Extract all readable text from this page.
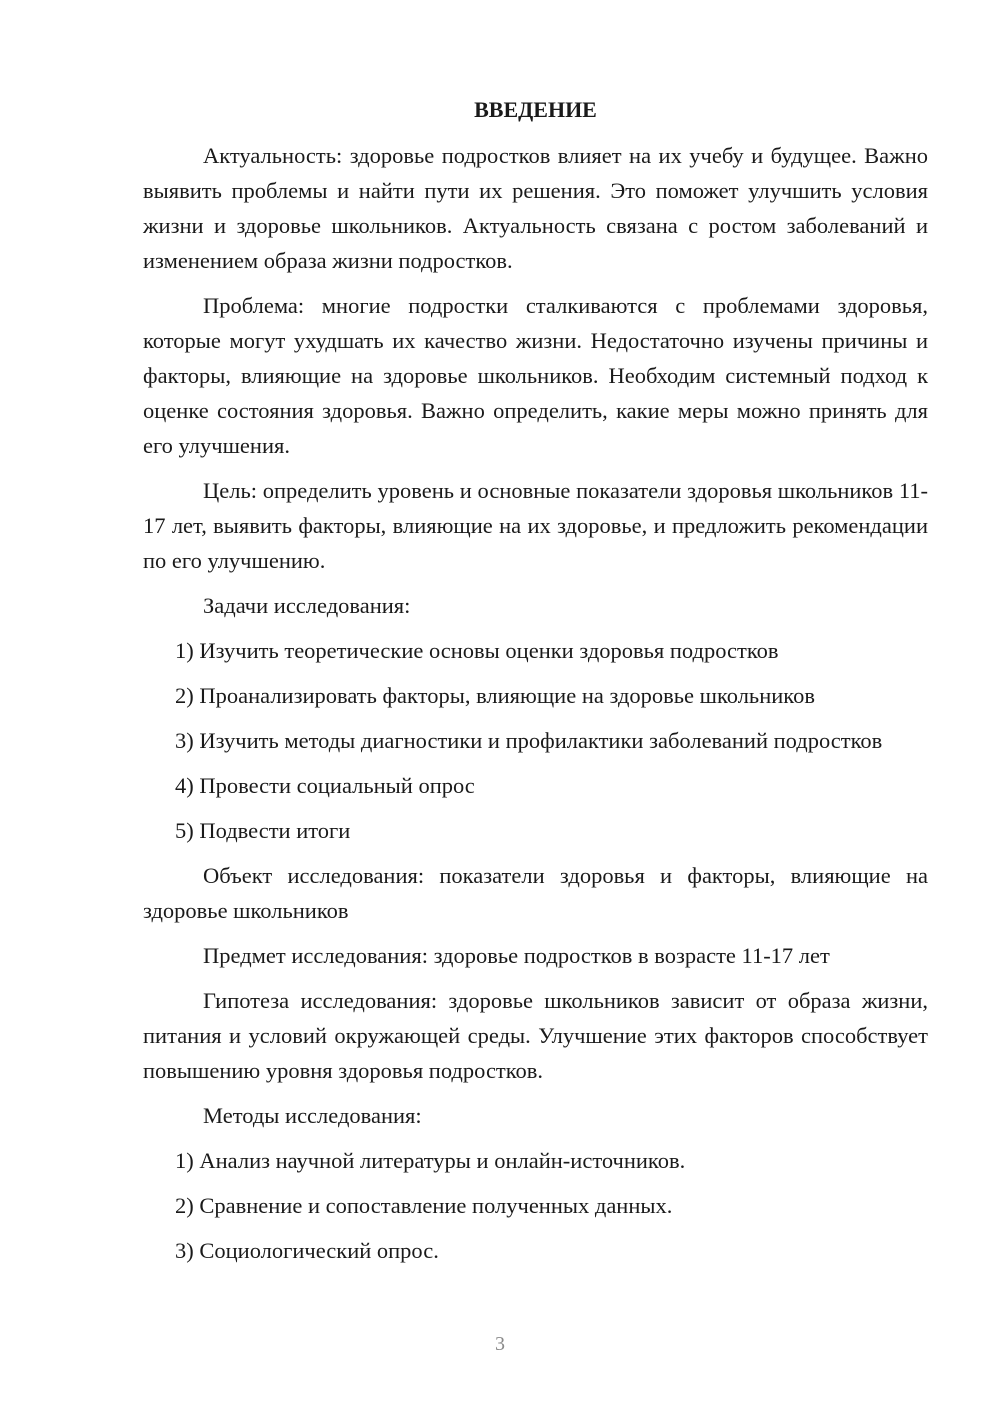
ВВЕДЕНИЕ

Актуальность: здоровье подростков влияет на их учебу и будущее. Важно выявить проблемы и найти пути их решения. Это поможет улучшить условия жизни и здоровье школьников. Актуальность связана с ростом заболеваний и изменением образа жизни подростков.

Проблема: многие подростки сталкиваются с проблемами здоровья, которые могут ухудшать их качество жизни. Недостаточно изучены причины и факторы, влияющие на здоровье школьников. Необходим системный подход к оценке состояния здоровья. Важно определить, какие меры можно принять для его улучшения.

Цель: определить уровень и основные показатели здоровья школьников 11-17 лет, выявить факторы, влияющие на их здоровье, и предложить рекомендации по его улучшению.

Задачи исследования:

1) Изучить теоретические основы оценки здоровья подростков

2) Проанализировать факторы, влияющие на здоровье школьников

3) Изучить методы диагностики и профилактики заболеваний подростков

4) Провести социальный опрос

5) Подвести итоги

Объект исследования: показатели здоровья и факторы, влияющие на здоровье школьников

Предмет исследования: здоровье подростков в возрасте 11-17 лет

Гипотеза исследования: здоровье школьников зависит от образа жизни, питания и условий окружающей среды. Улучшение этих факторов способствует повышению уровня здоровья подростков.

Методы исследования:

1) Анализ научной литературы и онлайн-источников.

2) Сравнение и сопоставление полученных данных.

3) Социологический опрос.

3
